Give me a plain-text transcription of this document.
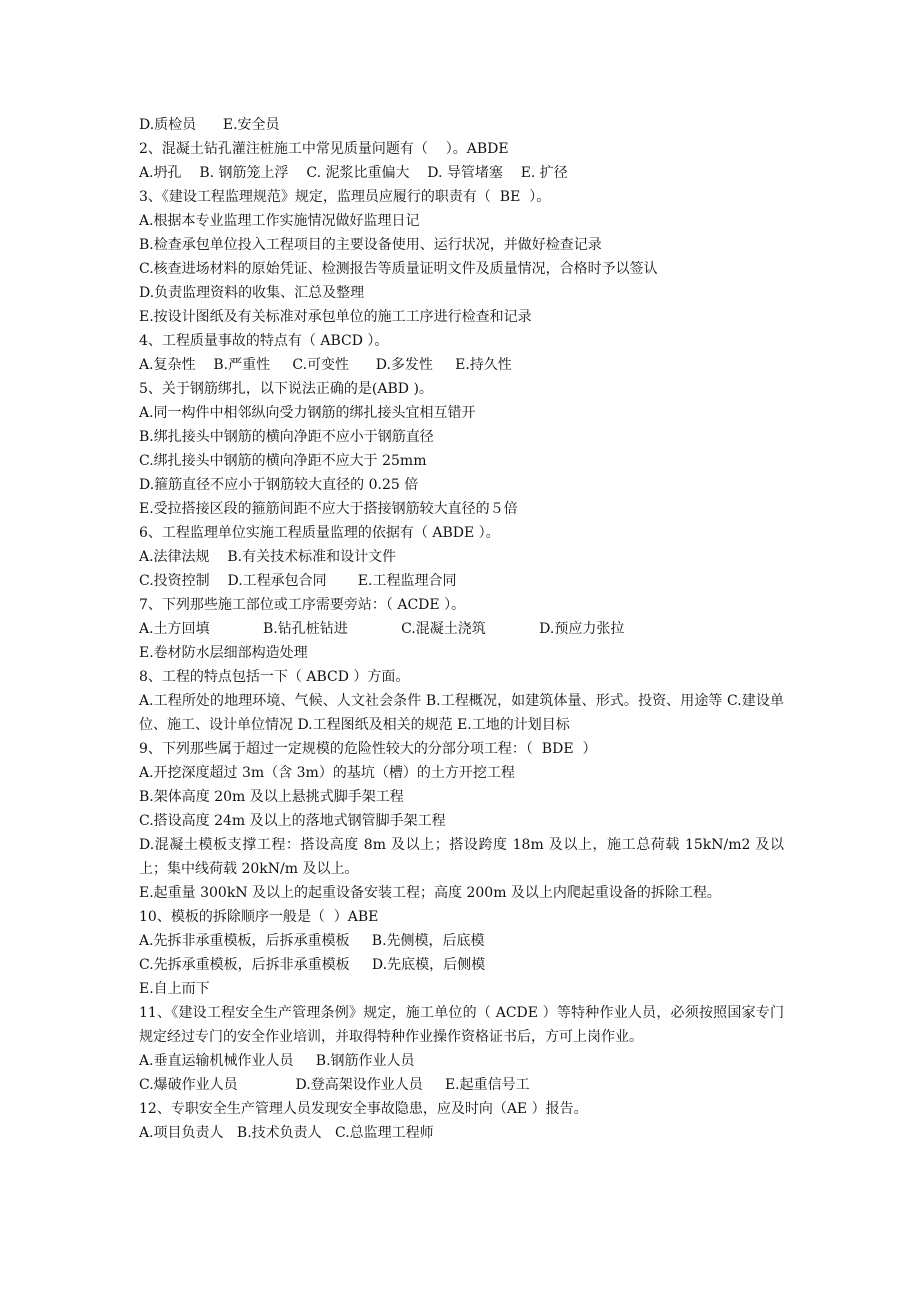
D.质检员      E.安全员
2、混凝土钻孔灌注桩施工中常见质量问题有（    ）。ABDE
A.坍孔    B. 钢筋笼上浮    C. 泥浆比重偏大    D. 导管堵塞    E. 扩径
3、《建设工程监理规范》规定，监理员应履行的职责有（  BE  ）。
A.根据本专业监理工作实施情况做好监理日记
B.检查承包单位投入工程项目的主要设备使用、运行状况，并做好检查记录
C.核查进场材料的原始凭证、检测报告等质量证明文件及质量情况，合格时予以签认
D.负责监理资料的收集、汇总及整理
E.按设计图纸及有关标准对承包单位的施工工序进行检查和记录
4、工程质量事故的特点有（ ABCD ）。
A.复杂性    B.严重性     C.可变性      D.多发性     E.持久性
5、关于钢筋绑扎，以下说法正确的是(ABD )。
A.同一构件中相邻纵向受力钢筋的绑扎接头宜相互错开
B.绑扎接头中钢筋的横向净距不应小于钢筋直径
C.绑扎接头中钢筋的横向净距不应大于 25mm
D.箍筋直径不应小于钢筋较大直径的 0.25 倍
E.受拉搭接区段的箍筋间距不应大于搭接钢筋较大直径的５倍
6、工程监理单位实施工程质量监理的依据有（ ABDE ）。
A.法律法规    B.有关技术标准和设计文件
C.投资控制    D.工程承包合同       E.工程监理合同
7、下列那些施工部位或工序需要旁站：（ ACDE ）。
A.土方回填            B.钻孔桩钻进            C.混凝土浇筑            D.预应力张拉
E.卷材防水层细部构造处理
8、工程的特点包括一下（ ABCD ）方面。
A.工程所处的地理环境、气候、人文社会条件 B.工程概况，如建筑体量、形式。投资、用途等 C.建设单位、施工、设计单位情况 D.工程图纸及相关的规范 E.工地的计划目标
9、下列那些属于超过一定规模的危险性较大的分部分项工程：（  BDE  ）
A.开挖深度超过 3m（含 3m）的基坑（槽）的土方开挖工程
B.架体高度 20m 及以上悬挑式脚手架工程
C.搭设高度 24m 及以上的落地式钢管脚手架工程
D.混凝土模板支撑工程：搭设高度 8m 及以上；搭设跨度 18m 及以上，施工总荷载 15kN/m2 及以上；集中线荷载 20kN/m 及以上。
E.起重量 300kN 及以上的起重设备安装工程；高度 200m 及以上内爬起重设备的拆除工程。
10、模板的拆除顺序一般是（  ）ABE
A.先拆非承重模板，后拆承重模板     B.先侧模，后底模
C.先拆承重模板，后拆非承重模板     D.先底模，后侧模
E.自上而下
11、《建设工程安全生产管理条例》规定，施工单位的（ ACDE ）等特种作业人员，必须按照国家专门规定经过专门的安全作业培训，并取得特种作业操作资格证书后，方可上岗作业。
A.垂直运输机械作业人员     B.钢筋作业人员
C.爆破作业人员             D.登高架设作业人员     E.起重信号工
12、专职安全生产管理人员发现安全事故隐患，应及时向（AE ）报告。
A.项目负责人   B.技术负责人   C.总监理工程师
